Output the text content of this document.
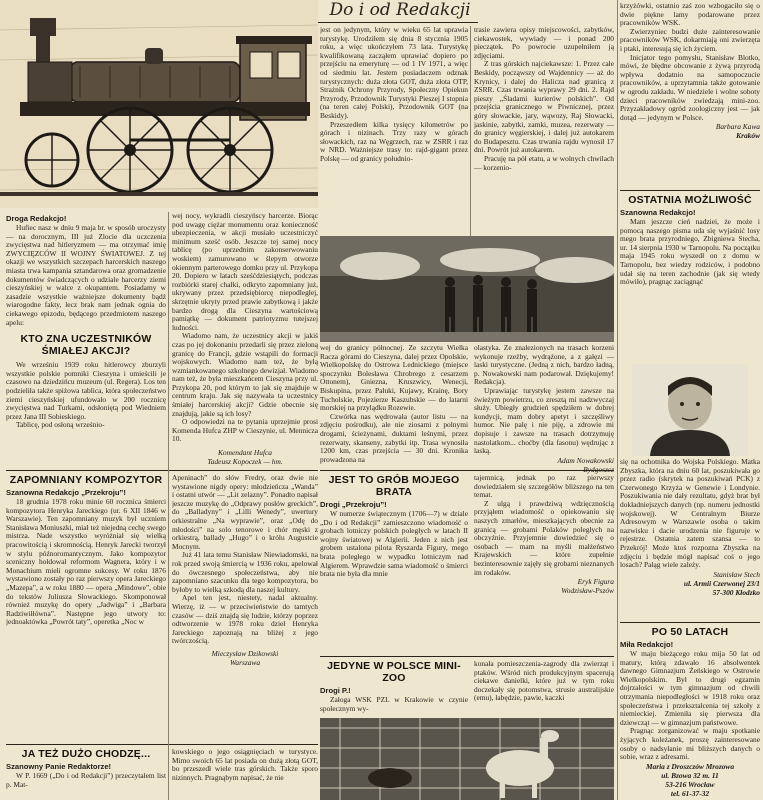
Do i od Redakcji
Droga Redakcjo!
Hufiec nasz w dniu 9 maja br. w sposób uroczysty — na dorocznym, III już Zlocie dla uczczenia zwycięstwa nad hitleryzmem — ma otrzymać imię ZWYCIĘZCÓW II WOJNY ŚWIATOWEJ. Z tej okazji we wszystkich szczepach harcerskich naszego miasta trwa kampania sztandarowa oraz gromadzenie dokumentów świadczących o udziale harcerzy ziemi cieszyńskiej w walce z okupantem. Posiadamy w zasadzie wszystkie ważniejsze dokumenty bądź wiarogodne fakty, lecz brak nam jednak ognia do ciekawego epizodu, będącego przedmiotem naszego apelu:
KTO ZNA UCZESTNIKÓW ŚMIAŁEJ AKCJI?
We wrześniu 1939 roku hitlerowcy zburzyli wszystkie polskie pomniki Cieszyna i umieścili je czasowo na dziedzińcu muzeum (ul. Regera). Los ten podzieliła także spiżowa tablica, która społeczeństwo ziemi cieszyńskiej ufundowało w 200 rocznicę zwycięstwa nad Turkami, odsłoniętą pod Wiedniem przez Jana III Sobieskiego.
Tablicę, pod osłoną wrześnio-
wej nocy, wykradli cieszyńscy harcerze. Biorąc pod uwagę ciężar monumentu oraz konieczność ubezpieczenia, w akcji musiało uczestniczyć minimum sześć osób. Jeszcze tej samej nocy tablicę (po uprzednim zakonserwowaniu woskiem) zamurowano w ślepym otworze okiennym parterowego domku przy ul. Przykopa 20. Dopiero w latach sześćdziesiątych, podczas rozbiórki starej chałki, odkryto zapomniany już, ukrywany przez przedsiębiorcę niepodległej, skrzętnie ukryty przed prawie zabytkową i jakże bardzo drogą dla Cieszyna wartościową pamiątkę — dokument patriotyzmu tutejszej ludności.
Wiadomo nam, że uczestnicy akcji w jakiś czas po jej dokonaniu przedarli się przez zieloną granicę do Francji, gdzie wstąpili do formacji wojskowych. Wiadomo nam też, że byłą wzmiankowanego szkolnego dewizjał. Wiadomo nam też, że była mieszkańcem Cieszyna przy ul. Przykopa 20, pod którym to jak się znajduje w centrum kraju. Jak się nazywała ta uczestnicy śmiałej harcerskiej akcji? Gdzie obecnie się znajdują, jakie są ich losy?
O odpowiedzi na te pytania uprzejmie prosi Komenda Hufca ZHP w Cieszynie, ul. Mennicza 10.
Komendant Hufca
Tadeusz Kopoczek — hm.
ZAPOMNIANY KOMPOZYTOR
Szanowna Redakcjo „Przekroju”!
18 grudnia 1978 roku minie 60 rocznica śmierci kompozytora Henryka Jareckiego (ur. 6 XII 1846 w Warszawie). Ten zapomniany muzyk był uczniem Stanisława Moniuszki, miał też niejedną cechę swego mistrza. Nade wszystko wyróżniał się wielką pracowitością i skromnością. Henryk Jarecki tworzył w stylu późnoromantycznym. Jako kompozytor sceniczny hołdował reformom Wagnera, który i w Monachium mieli ogromne sukcesy. W roku 1876 wystawiono zostały po raz pierwszy opera Jareckiego „Mazepa”, a w roku 1880 — opera „Mindowe”, obie do tekstów Juliusza Słowackiego. Skomponował również muzykę do opery „Jadwiga” i „Barbara Radziwiłłówna”. Następne jego utwory to: jednoaktówka „Powrót taty”, operetka „Noc w
Apeninach” do słów Fredry, oraz dwie nie wystawione nigdy opery: młodzieńcza „Wanda” i ostatni utwór — „Lit zelazny”. Ponadto napisał jeszcze muzykę do „Odprawy posłów greckich”, do „Balladyny” i „Lilli Wenedy”, uwertury orkiestralne „Na wyprawie”, oraz „Odę do młodości” na solo tenorowe i chór męski z orkiestrą, ballady „Hugo” i o królu Augustcie Mocnym.
Już 41 lata temu Stanisław Niewiadomski, na rok przed swoją śmiercią w 1936 roku, apelował do ówczesnego społeczeństwa, aby nie zapomniano szacunku dla tego kompozytora, bo byłoby to wielką szkodą dla naszej kultury.
Apel ten jest, niestety, nadal aktualny. Wierzę, iż — w przeciwieństwie do tamtych czasów — dziś znajdą się ludzie, którzy poprzez odtworzenie w 1978 roku dzieł Henryka Jareckiego zapoznają na bliżej z jego twórczością.
Mieczysław Dzikowski
Warszawa
JA TEŻ DUŻO CHODZĘ...
Szanowny Panie Redaktorze!
W P. 1669 („Do i od Redakcji”) przeczytałem list p. Mat-
kowskiego o jego osiągnięciach w turystyce. Mimo swoich 65 lat posiada on dużą złotą GOT, bo przeszedł wiele tras górskich. Także sporo nizinnych. Pragnąbym napisać, że nie
jest on jedynym, który w wieku 65 lat uprawia turystykę. Urodziłem się dnia 8 stycznia 1905 roku, a więc ukończyłem 73 lata. Turystykę kwalifikowaną zacząłem uprawiać dopiero po przejściu na emeryturę — od 1 IV 1971, a więc od siedmiu lat. Jestem posiadaczem odznak turystycznych: duża złota GOT, duża złota OTP, Strażnik Ochrony Przyrody, Społeczny Opiekun Przyrody, Przodownik Turystyki Pieszej I stopnia (na teren całej Polski), Przodownik GOT (na Beskidy).
Przeszedłem kilka tysięcy kilometrów po górach i nizinach. Trzy razy w górach słowackich, raz na Węgrzech, raz w ZSRR i raz w NRD. Ważniejsze trasy to: rajd-gigant przez Polskę — od granicy południo-
trasie zawiera opisy miejscowości, zabytków, ciekawostek, wywiady — i ponad 200 pieczątek. Po powrocie uzupełniłem ją zdjęciami.
Z tras górskich najciekawsze: 1. Przez całe Beskidy, począwszy od Wajdennicy — aż do Krynicy, i dalej do Halicza nad granicą z ZSRR. Czas trwania wyprawy 29 dni. 2. Rajd pieszy „Śladami kurierów polskich”. Od przejścia granicznego w Piwnicznej, przez góry słowackie, jary, wąwozy, Raj Słowacki, jaskinie, zabytki, zamki, muzea, rezerwaty — do granicy węgierskiej, i dalej już autokarem do Budapesztu. Czas trwania rajdu wynosił 17 dni. Powrót już autokarem.
Pracuję na pół etatu, a w wolnych chwilach — korzenio-
wej do granicy północnej. Ze szczytu Wielka Racza górami do Cieszyna, dalej przez Opolskie, Wielkopolskę do Ostrowa Lednickiego (miejsce spoczynku Bolesława Chrobrego z cesarzem Ottonem), Gniezna, Kruszwicy, Wenecji, Biskupina, przez Pałuki, Kujawy, Krainę, Bory Tucholskie, Pojezierze Kaszubskie — do latarni morskiej na przylądku Rozewie.
Czwórka nas wędrowała (autor listu — na zdjęciu pośrodku), ale nie ziosami z polnymi drogami, ścieżynami, duktami leśnymi, przez rezerwaty, skanseny, zabytki itp. Trasa wynosiła 1200 km, czas przejścia — 30 dni. Kronika prowadzona na
olastyka. Ze znalezionych na trasach korzeni wykonuje rzeźby, wydrążone, a z gałęzi — laski turystyczne. (Jedną z nich, bardzo ładną, p. Nowakowski nam podarował. Dziękujemy! Redakcja).
Uprawiając turystykę jestem zawsze na świeżym powietrzu, co zresztą mi nadzwyczaj służy. Ubiegły grudzień spędziłem w dobrej kondycji, mam dobry apetyt i szczęśliwy humor. Nie palę i nie piję, a zdrowie mi dopisuje i zawsze na trasach dotrzymuję nastolatkom... choćby (dla fasonu) wędrując z laską.
Adam Nowakowski
JEST TO GRÓB MOJEGO BRATA
Drogi „Przekroju”!
W numerze świątecznym (1706—7) w dziale „Do i od Redakcji” zamieszczono wiadomość o grobach lotniczy polskich poległych w latach II wojny światowej w Algierii. Jeden z nich jest grobem ustalona pilota Ryszarda Figury, mego brata poległego w wypadku lotniczym nad Algierem. Wprawdzie sama wiadomość o śmierci brata nie była dla mnie
tajemnicą, jednak po raz pierwszy dowiedziałem się szczegółów bliższego na ten temat.
Z ulgą i prawdziwą wdzięcznością przyjąłem wiadomość o opiekowaniu się naszych zmarłów, mieszkających obecnie za granicą — grobami Polaków poległych na obczyźnie. Przyjemnie dowiedzieć się o osobach — mam na myśli małżeństwo Krajewskich — które zupełnie bezinteresownie zajęły się grobami nieznanych im rodaków.
Eryk Figura
Wodzisław-Pszów
JEDYNE W POLSCE MINI-ZOO
Drogi P.!
Załoga WSK PZL w Krakowie w czynie społecznym wy-
konała pomieszczenia-zagrody dla zwierząt i ptaków. Wśród nich produkcyjnym spacerują ciekawe danielki, które już w tym roku doczekały się potomstwa, strusie australijskie (emu), łabędzie, pawie, kaczki
krzyżówki, ostatnio zaś zoo wzbogaciło się o dwie piękne lamy podarowane przez pracowników WSK.
Zwierzyniec budzi duże zainteresowanie pracowników WSK, dokarmiają oni zwierzęta i ptaki, interesują się ich życiem.
Inicjator tego pomysłu, Stanisław Blotko, mówi, że błędne obcowanie z żywą przyrodą wpływa dodatnio na samopoczucie pracowników, a uprzytamnia także gotowanie w ogrodu zakładu. W niedziele i wolne soboty dzieci pracowników zwiedzają mini-zoo. Przyzakładowy ogród zoologiczny jest — jak dotąd — jedynym w Polsce.
Barbara Kawa
Kraków
OSTATNIA MOŻLIWOŚĆ
Szanowna Redakcjo!
Mam jeszcze cień nadziei, że może i pomocą naszego pisma uda się wyjaśnić losy mego brata przyrodniego, Zbigniewa Stecha, ur. 14 sierpnia 1930 w Tarnopolu. Na początku maja 1945 roku wyszedł on z domu w Tarnopolu, bez wiedzy rodziców, i podobno udał się na teren zachodnie (jak się wtedy mówiło), pragnąc zaciągnąć
się na ochotnika do Wojska Polskiego. Matka Zbyszka, która na dniu 60 lat, poszukiwała go przez radio (skrytek na poszukiwań PCK) z Czerwonego Krzyża w Genewie i Londynie. Poszukiwania nie dały rezultatu, gdyż brat był dokładniejszych danych (np. numeru jednostki wojskowej). W Centralnym Biurze Adresowym w Warszawie osoba o takim nazwisku i dacie urodzenia nie figuruje w rejestrze. Ostatnia zatem szansa — to Przekrój! Może ktoś rozpozna Zbyszka na zdjęciu i będzie mógł napisać coś o jego losach? Pałąg wiele zależy.
Stanisław Stech
ul. Armii Czerwonej 23/1
57-300 Kłodzko
PO 50 LATACH
Miła Redakcjo!
W maju bieżącego roku mija 50 lat od matury, którą zdawało 16 absolwentek dawnego Gimnazjum Żeńskiego w Ostrowie Wielkopolskim. Był to drugi egzamin dojrzałości w tym gimnazjum od chwili otrzymania niepodległości w 1918 roku oraz społeczeństwa i przekształcenia tej szkoły z niemieckiej. Zmieniła się pierwsza dla dziewcząt — w gimnazjum państwowe.
Pragnąc zorganizować w maju spotkanie żyjących koleżanek, proszę zainteresowane osoby o nadsyłanie mi bliższych danych o sobie, wraz z adresami.
Maria z Droszczów Mrozowa
ul. Bzowa 32 m. 11
53-216 Wrocław
tel. 61-37-32
